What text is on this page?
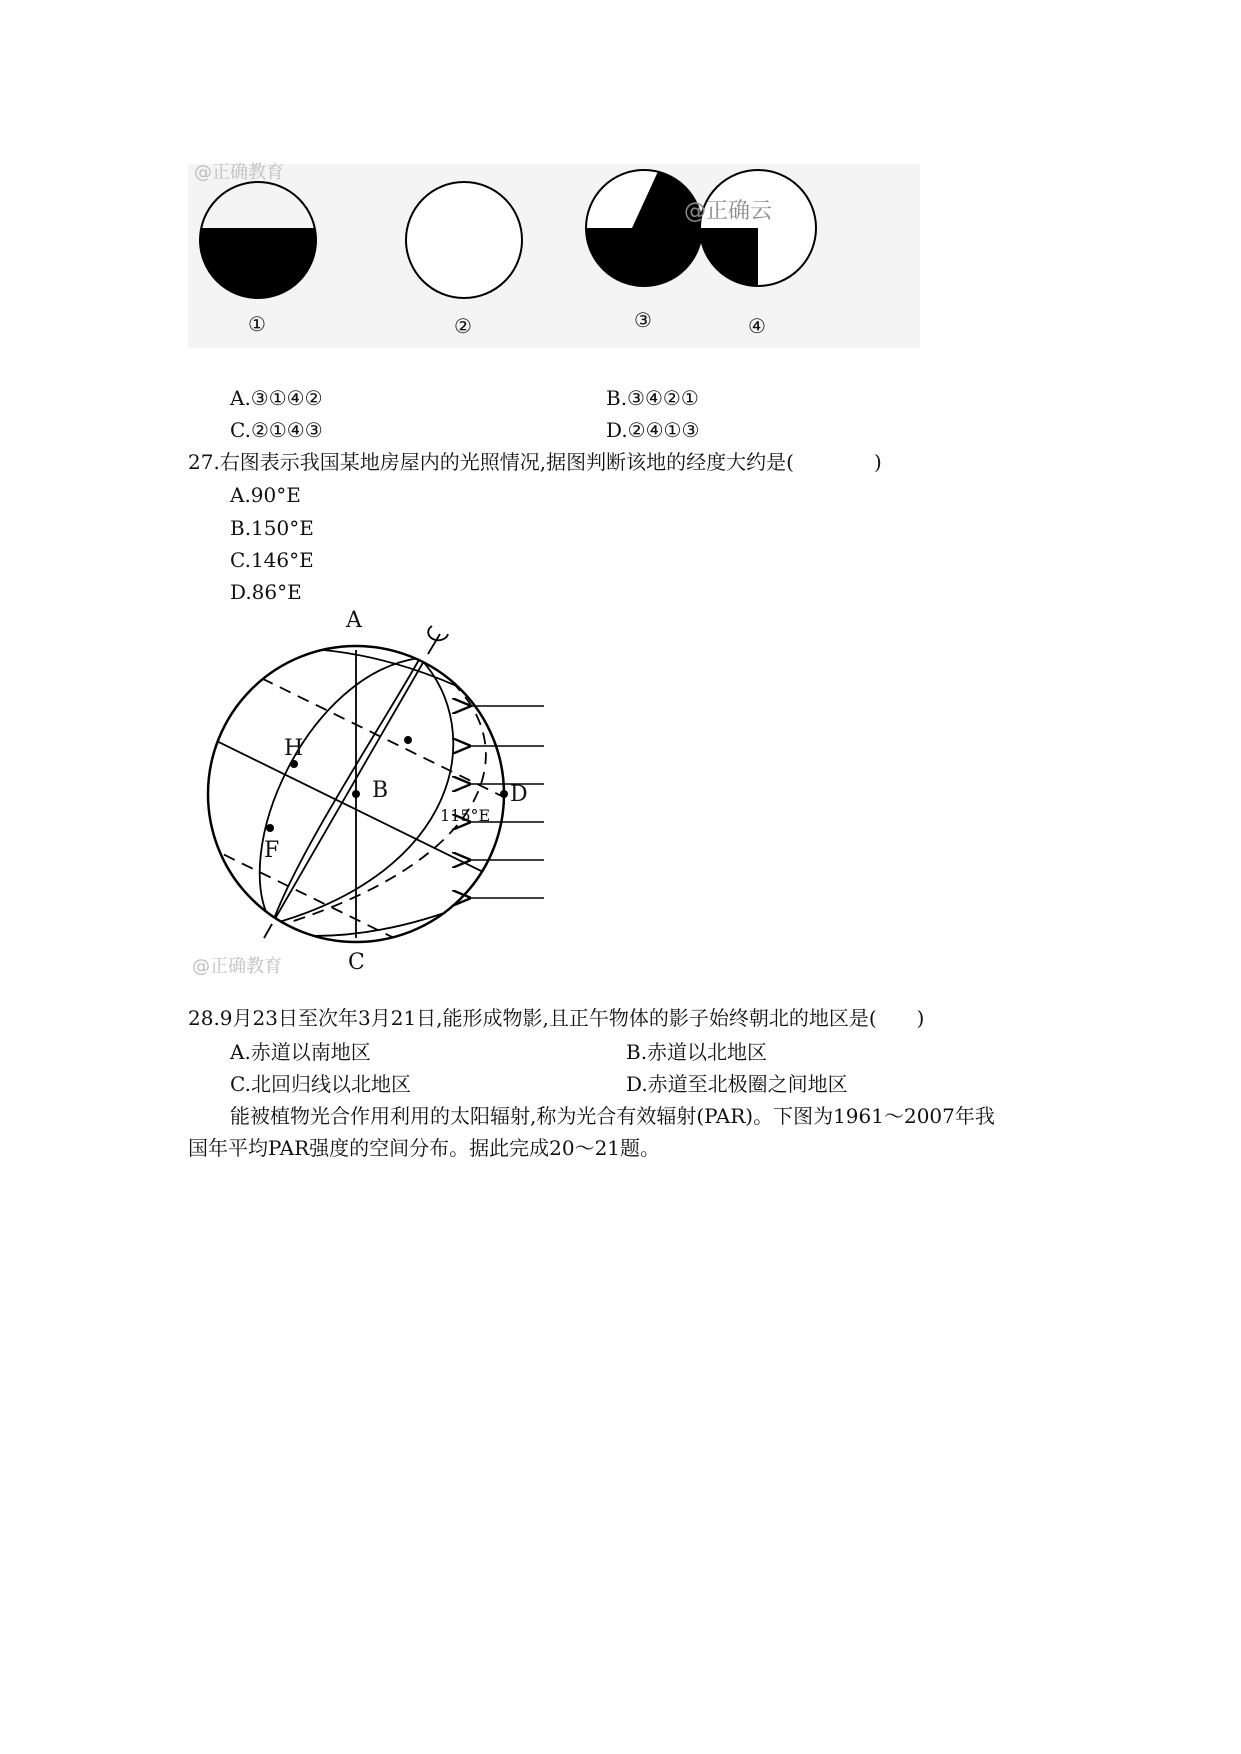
@正确教育
@正确云
①	②	③	④
A.③①④②	B.③④②①
C.②①④③	D.②④①③
27.右图表示我国某地房屋内的光照情况,据图判断该地的经度大约是(　　　　)
A.90°E
B.150°E
C.146°E
D.86°E
A
B
C
D
H
F
115°E
@正确教育
28.9月23日至次年3月21日,能形成物影,且正午物体的影子始终朝北的地区是(　　)
A.赤道以南地区	B.赤道以北地区
C.北回归线以北地区	D.赤道至北极圈之间地区
能被植物光合作用利用的太阳辐射,称为光合有效辐射(PAR)。下图为1961～2007年我
国年平均PAR强度的空间分布。据此完成20～21题。
